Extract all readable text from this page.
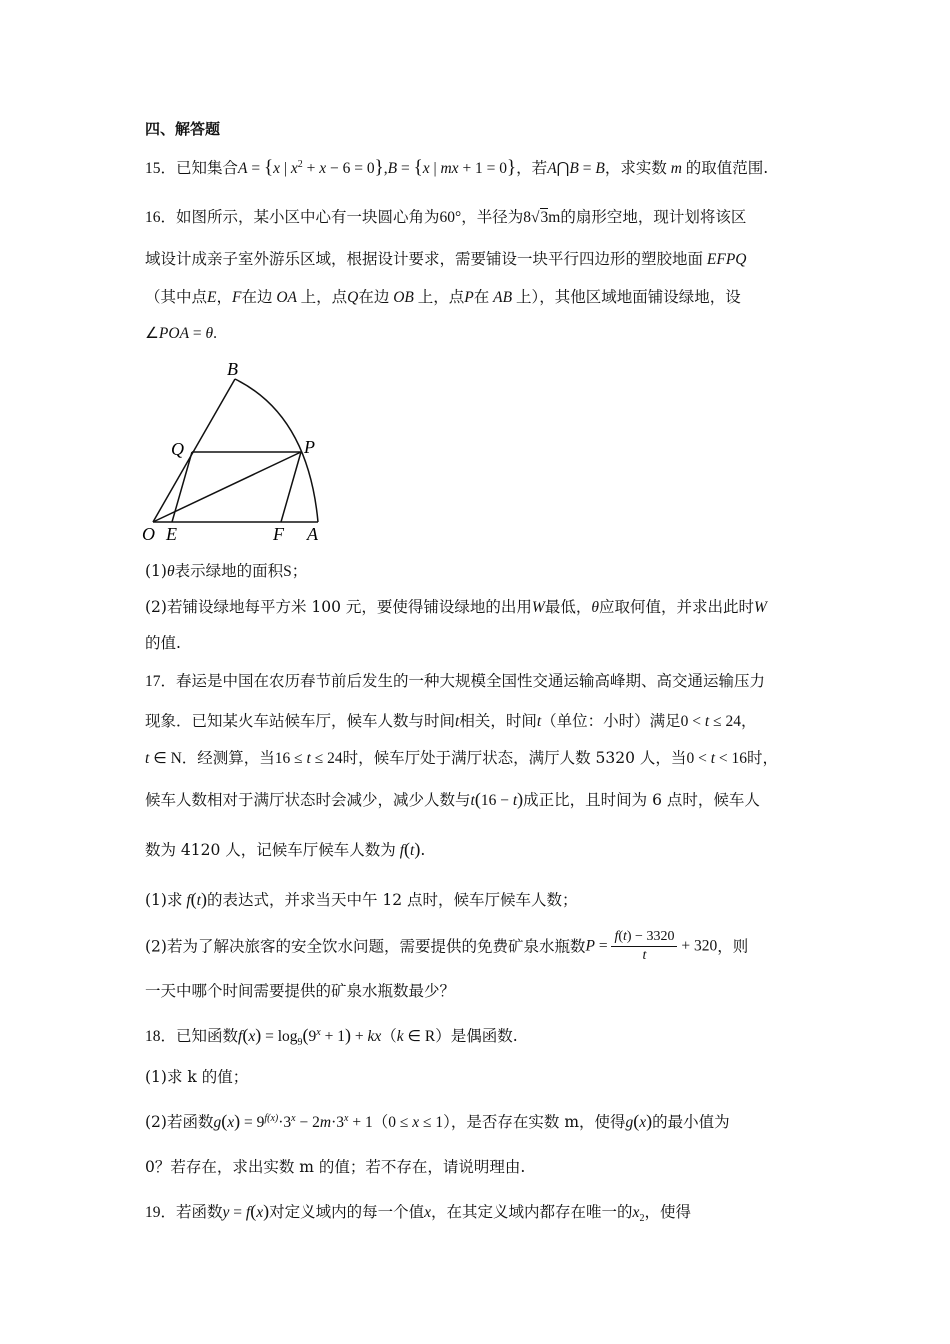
四、解答题
15．已知集合A = {x | $x^2 + x - 6 = 0\},B = \{x$ | mx + 1 = 0}，若A⋂B = B，求实数 m 的取值范围.
16．如图所示，某小区中心有一块圆心角为60°，半径为8√3m的扇形空地，现计划将该区
域设计成亲子室外游乐区域，根据设计要求，需要铺设一块平行四边形的塑胶地面 EFPQ
（其中点E，F在边 OA 上，点Q在边 OB 上，点P在 AB 上），其他区域地面铺设绿地，设
∠POA = θ.
B
Q	P
O E	F A
(1)θ表示绿地的面积S；
(2)若铺设绿地每平方米 100 元，要使得铺设绿地的出用W最低，θ应取何值，并求出此时W
的值.
17．春运是中国在农历春节前后发生的一种大规模全国性交通运输高峰期、高交通运输压力
现象．已知某火车站候车厅，候车人数与时间t相关，时间t（单位：小时）满足0 < t ≤ 24，
t ∈ N．经测算，当16 ≤ t ≤ 24时，候车厅处于满厅状态，满厅人数 5320 人，当0 < t < 16时，
候车人数相对于满厅状态时会减少，减少人数与t(16 − t)成正比，且时间为 6 点时，候车人
数为 4120 人，记候车厅候车人数为 f(t).
(1)求 f(t)的表达式，并求当天中午 12 点时，候车厅候车人数；
(2)若为了解决旅客的安全饮水问题，需要提供的免费矿泉水瓶数$P = \frac{f(t) - 3320}{t} + 320$，则
一天中哪个时间需要提供的矿泉水瓶数最少？
18．已知函数$f(x) = \log_9(9^x + 1) + kx(k$ ∈ R）是偶函数.
(1)求 k 的值；
(2)若函数$g(x) = 9^{f(x)}\cdot 3^x - 2m\cdot 3^x + 1(0 \le x \le 1)$，是否存在实数 m，使得g(x)的最小值为
0？若存在，求出实数 m 的值；若不存在，请说明理由.
19．若函数y = f(x)对定义域内的每一个值x，在其定义域内都存在唯一的$x_2$，使得
